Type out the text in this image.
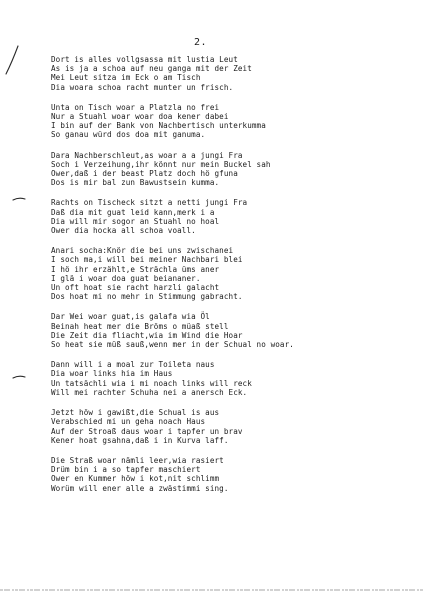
2.
Dort is alles vollgsassa mit lustia Leut
As is ja a schoa auf neu ganga mit der Zeit
Mei Leut sitza im Eck o am Tisch
Dia woara schoa racht munter un frisch.
Unta on Tisch woar a Platzla no frei
Nur a Stuahl woar woar doa kener dabei
I bin auf der Bank von Nachbertisch unterkumma
So ganau würd dos doa mit ganuma.
Dara Nachberschleut,as woar a a jungi Fra
Soch i Verzeihung,ihr könnt nur mein Buckel sah
Ower,daß i der beast Platz doch hö gfuna
Dos is mir bal zun Bawustsein kumma.
Rachts on Tischeck sitzt a netti jungi Fra
Daß dia mit guat leid kann,merk i a
Dia will mir sogor an Stuahl no hoal
Ower dia hocka all schoa voall.
Anari socha:Knör die bei uns zwischanei
I soch ma,i will bei meiner Nachbari blei
I hö ihr erzählt,e Strächla üms aner
I glä i woar doa guat beiananer.
Un oft hoat sie racht harzli galacht
Dos hoat mi no mehr in Stimmung gabracht.
Dar Wei woar guat,is galafa wia Öl
Beinah heat mer die Bröms o müaß stell
Die Zeit dia fliacht,wia im Wind die Hoar
So heat sie müß sauß,wenn mer in der Schual no woar.
Dann will i a moal zur Toileta naus
Dia woar links hia im Haus
Un tatsächli wia i mi noach links will reck
Will mei rachter Schuha nei a anersch Eck.
Jetzt höw i gawißt,die Schual is aus
Verabschied mi un geha noach Haus
Auf der Stroaß daus woar i tapfer un brav
Kener hoat gsahna,daß i in Kurva laff.
Die Straß woar nämli leer,wia rasiert
Drüm bin i a so tapfer maschiert
Ower en Kummer höw i kot,nit schlimm
Worüm will ener alle a zwästimmi sing.
